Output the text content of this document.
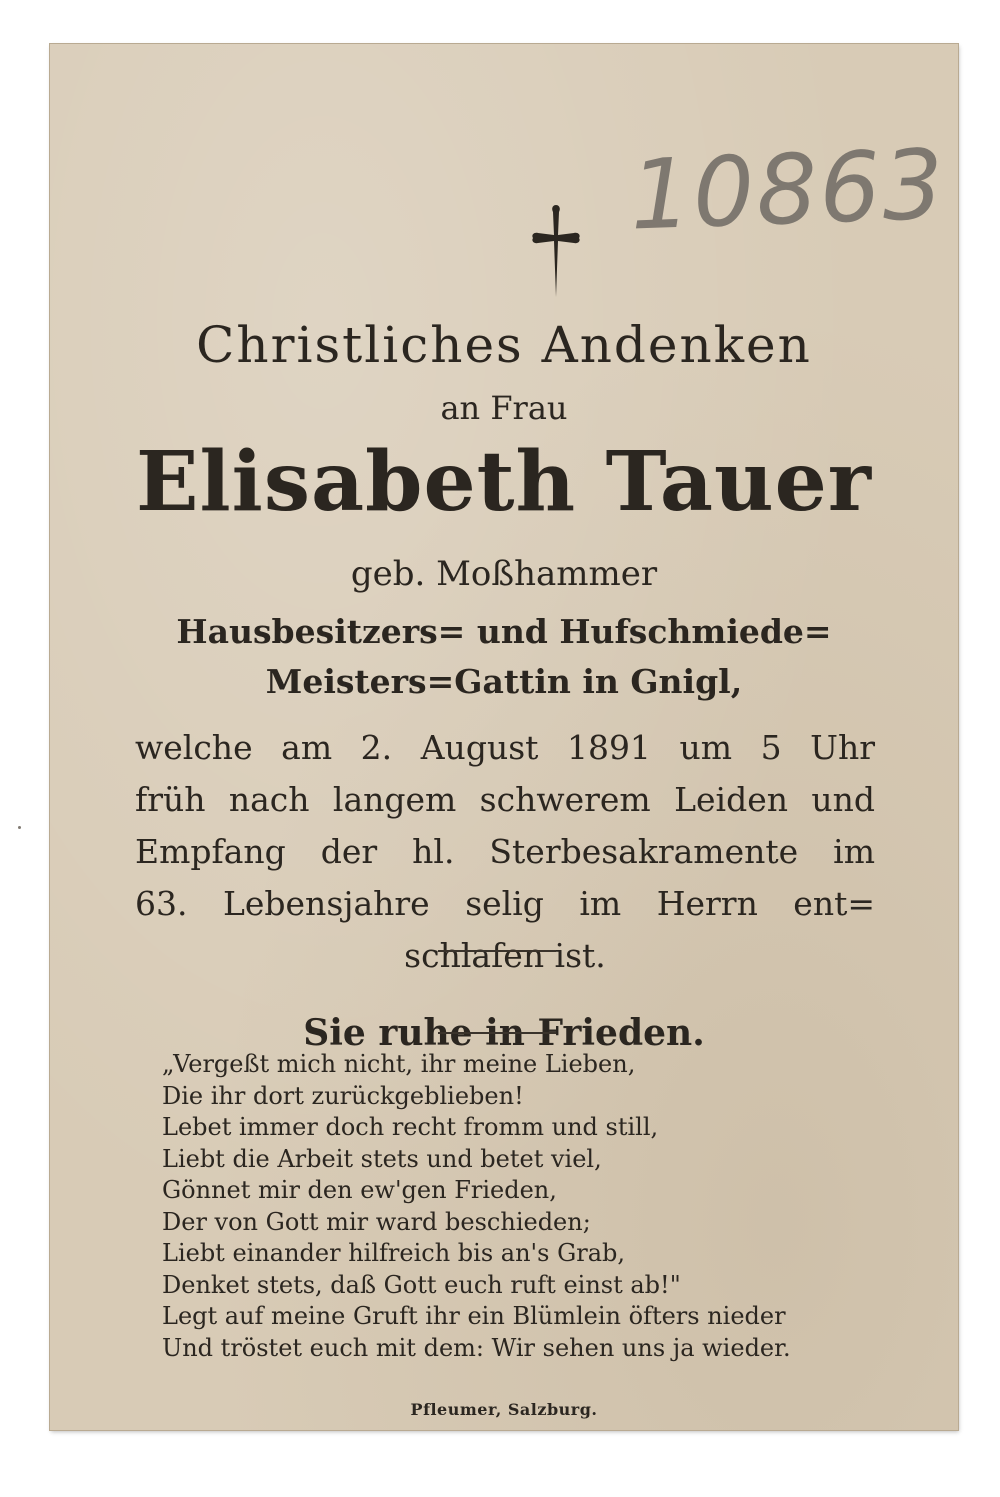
10863
Christliches Andenken
an Frau
Elisabeth Tauer
geb. Moßhammer
Hausbesitzers= und Hufschmiede=
Meisters=Gattin in Gnigl,
welche am 2. August 1891 um 5 Uhr
früh nach langem schwerem Leiden und
Empfang der hl. Sterbesakramente im
63. Lebensjahre selig im Herrn ent=
schlafen ist.
Sie ruhe in Frieden.
„Vergeßt mich nicht, ihr meine Lieben,
Die ihr dort zurückgeblieben!
Lebet immer doch recht fromm und still,
Liebt die Arbeit stets und betet viel,
Gönnet mir den ew'gen Frieden,
Der von Gott mir ward beschieden;
Liebt einander hilfreich bis an's Grab,
Denket stets, daß Gott euch ruft einst ab!"
Legt auf meine Gruft ihr ein Blümlein öfters nieder
Und tröstet euch mit dem: Wir sehen uns ja wieder.
Pfleumer, Salzburg.
